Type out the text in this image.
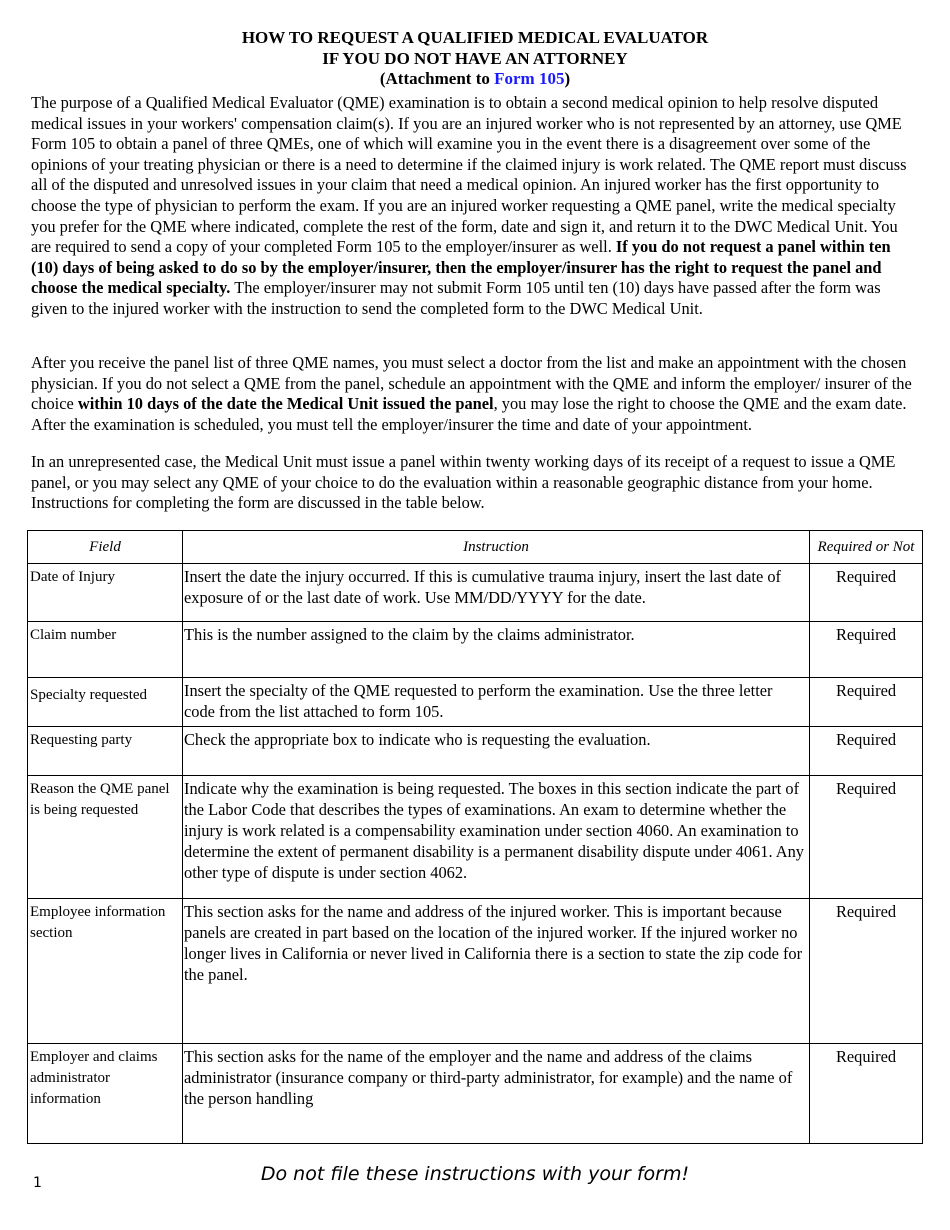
HOW TO REQUEST A QUALIFIED MEDICAL EVALUATOR
IF YOU DO NOT HAVE AN ATTORNEY
(Attachment to Form 105)

The purpose of a Qualified Medical Evaluator (QME) examination is to obtain a second medical opinion to help resolve disputed medical issues in your workers' compensation claim(s). If you are an injured worker who is not represented by an attorney, use QME Form 105 to obtain a panel of three QMEs, one of which will examine you in the event there is a disagreement over some of the opinions of your treating physician or there is a need to determine if the claimed injury is work related. The QME report must discuss all of the disputed and unresolved issues in your claim that need a medical opinion. An injured worker has the first opportunity to choose the type of physician to perform the exam. If you are an injured worker requesting a QME panel, write the medical specialty you prefer for the QME where indicated, complete the rest of the form, date and sign it, and return it to the DWC Medical Unit. You are required to send a copy of your completed Form 105 to the employer/insurer as well. If you do not request a panel within ten (10) days of being asked to do so by the employer/insurer, then the employer/insurer has the right to request the panel and choose the medical specialty. The employer/insurer may not submit Form 105 until ten (10) days have passed after the form was given to the injured worker with the instruction to send the completed form to the DWC Medical Unit.

After you receive the panel list of three QME names, you must select a doctor from the list and make an appointment with the chosen physician. If you do not select a QME from the panel, schedule an appointment with the QME and inform the employer/ insurer of the choice within 10 days of the date the Medical Unit issued the panel, you may lose the right to choose the QME and the exam date. After the examination is scheduled, you must tell the employer/insurer the time and date of your appointment.

In an unrepresented case, the Medical Unit must issue a panel within twenty working days of its receipt of a request to issue a QME panel, or you may select any QME of your choice to do the evaluation within a reasonable geographic distance from your home. Instructions for completing the form are discussed in the table below.

Field	Instruction	Required or Not
Date of Injury	Insert the date the injury occurred. If this is cumulative trauma injury, insert the last date of exposure of or the last date of work. Use MM/DD/YYYY for the date.	Required
Claim number	This is the number assigned to the claim by the claims administrator.	Required
Specialty requested	Insert the specialty of the QME requested to perform the examination. Use the three letter code from the list attached to form 105.	Required
Requesting party	Check the appropriate box to indicate who is requesting the evaluation.	Required
Reason the QME panel is being requested	Indicate why the examination is being requested. The boxes in this section indicate the part of the Labor Code that describes the types of examinations. An exam to determine whether the injury is work related is a compensability examination under section 4060. An examination to determine the extent of permanent disability is a permanent disability dispute under 4061. Any other type of dispute is under section 4062.	Required
Employee information section	This section asks for the name and address of the injured worker. This is important because panels are created in part based on the location of the injured worker. If the injured worker no longer lives in California or never lived in California there is a section to state the zip code for the panel.	Required
Employer and claims administrator information	This section asks for the name of the employer and the name and address of the claims administrator (insurance company or third-party administrator, for example) and the name of the person handling	Required
Do not file these instructions with your form!
1
